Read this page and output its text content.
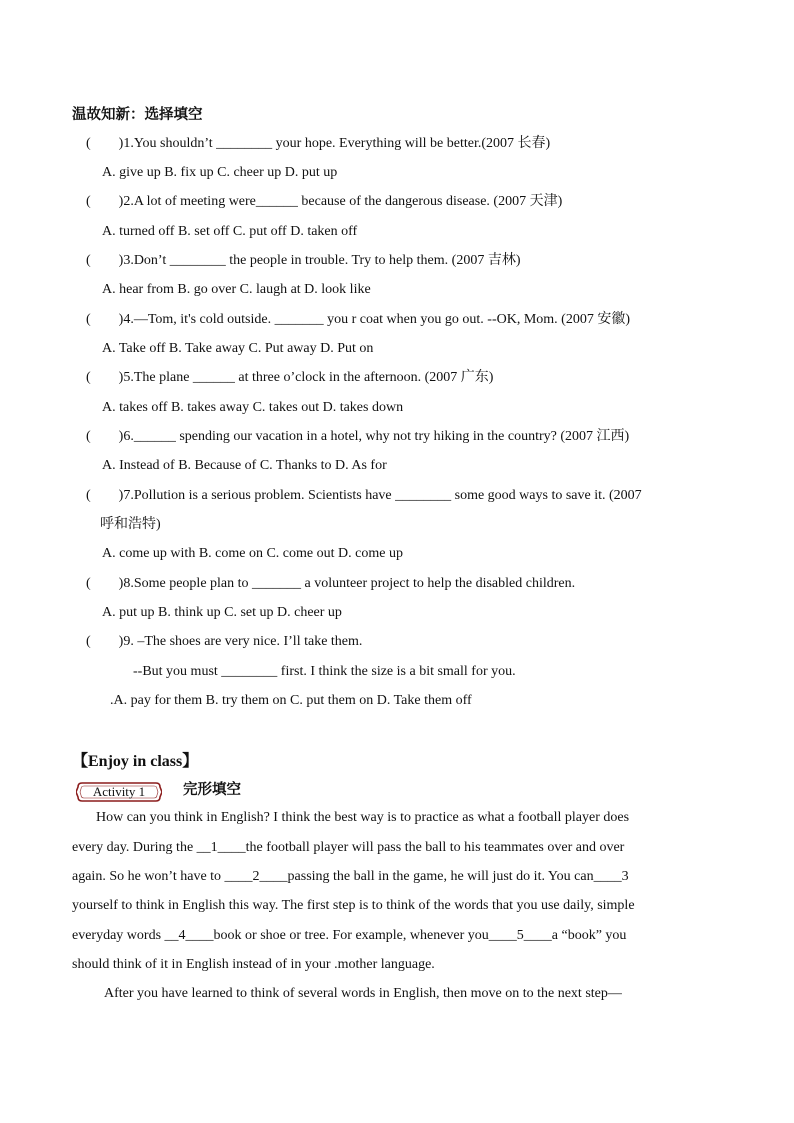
温故知新：选择填空
(　　)1.You shouldn’t ________ your hope. Everything will be better.(2007 长春)
A. give up B. fix up C. cheer up D. put up
(　　)2.A lot of meeting were______ because of the dangerous disease. (2007 天津)
A. turned off B. set off C. put off D. taken off
(　　)3.Don’t ________ the people in trouble. Try to help them. (2007 吉林)
A. hear from B. go over C. laugh at D. look like
(　　)4.—Tom, it's cold outside. _______ you r coat when you go out. --OK, Mom. (2007 安徽)
A. Take off B. Take away C. Put away D. Put on
(　　)5.The plane ______ at three o’clock in the afternoon. (2007 广东)
A. takes off B. takes away C. takes out D. takes down
(　　)6.______ spending our vacation in a hotel, why not try hiking in the country? (2007 江西)
A. Instead of B. Because of C. Thanks to D. As for
(　　)7.Pollution is a serious problem. Scientists have ________ some good ways to save it. (2007
呼和浩特)
A. come up with B. come on C. come out D. come up
(　　)8.Some people plan to _______ a volunteer project to help the disabled children.
A. put up B. think up C. set up D. cheer up
(　　)9. –The shoes are very nice. I’ll take them.
--But you must ________ first. I think the size is a bit small for you.
.A. pay for them B. try them on C. put them on D. Take them off
【Enjoy in class】
Activity 1	完形填空
How can you think in English? I think the best way is to practice as what a football player does
every day. During the __1____the football player will pass the ball to his teammates over and over
again. So he won’t have to ____2____passing the ball in the game, he will just do it. You can____3
yourself to think in English this way. The first step is to think of the words that you use daily, simple
everyday words __4____book or shoe or tree. For example, whenever you____5____a “book” you
should think of it in English instead of in your .mother language.
After you have learned to think of several words in English, then move on to the next step—
